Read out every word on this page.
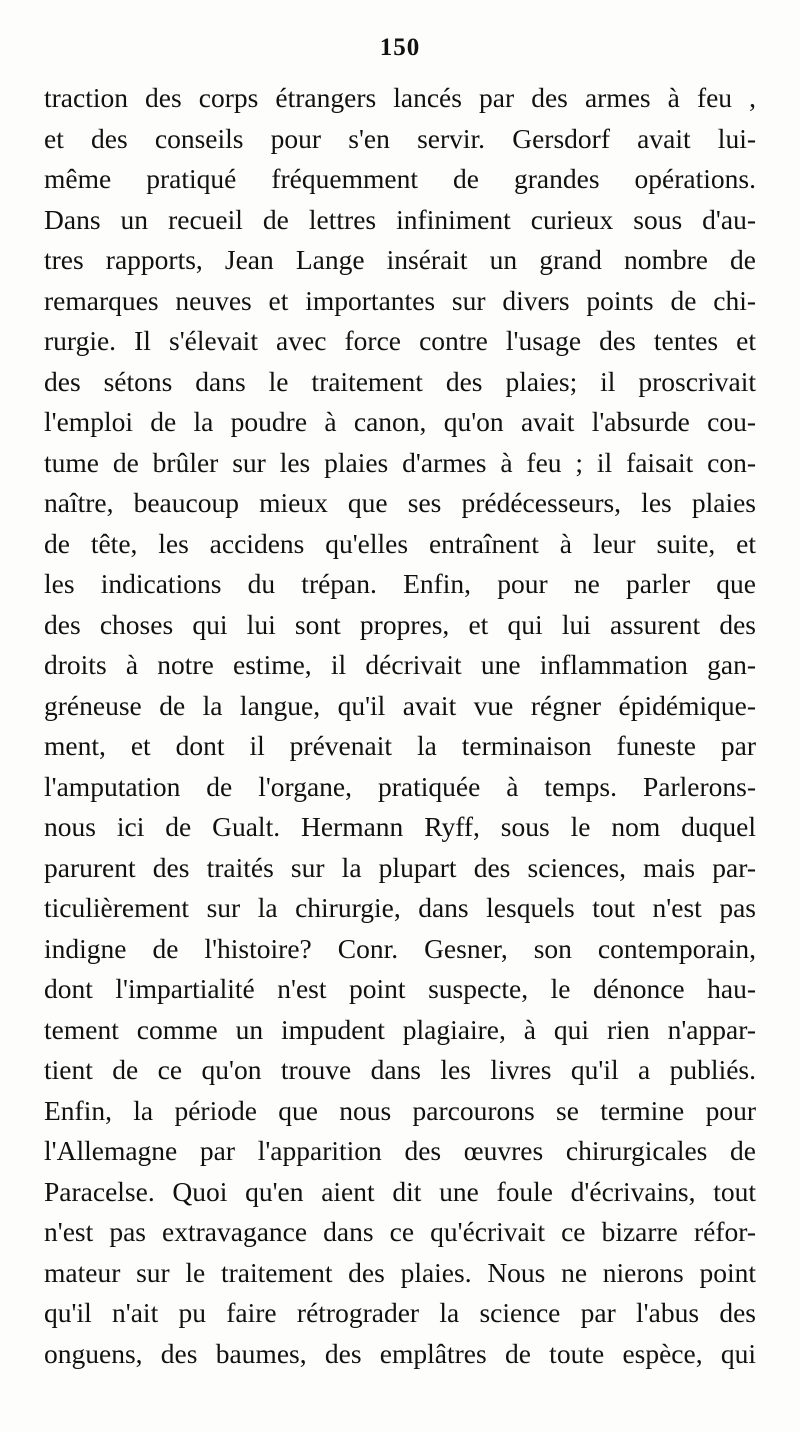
150
traction des corps étrangers lancés par des armes à feu ,
et des conseils pour s'en servir. Gersdorf avait lui-
même pratiqué fréquemment de grandes opérations.
Dans un recueil de lettres infiniment curieux sous d'au-
tres rapports, Jean Lange insérait un grand nombre de
remarques neuves et importantes sur divers points de chi-
rurgie. Il s'élevait avec force contre l'usage des tentes et
des sétons dans le traitement des plaies; il proscrivait
l'emploi de la poudre à canon, qu'on avait l'absurde cou-
tume de brûler sur les plaies d'armes à feu ; il faisait con-
naître, beaucoup mieux que ses prédécesseurs, les plaies
de tête, les accidens qu'elles entraînent à leur suite, et
les indications du trépan. Enfin, pour ne parler que
des choses qui lui sont propres, et qui lui assurent des
droits à notre estime, il décrivait une inflammation gan-
gréneuse de la langue, qu'il avait vue régner épidémique-
ment, et dont il prévenait la terminaison funeste par
l'amputation de l'organe, pratiquée à temps. Parlerons-
nous ici de Gualt. Hermann Ryff, sous le nom duquel
parurent des traités sur la plupart des sciences, mais par-
ticulièrement sur la chirurgie, dans lesquels tout n'est pas
indigne de l'histoire? Conr. Gesner, son contemporain,
dont l'impartialité n'est point suspecte, le dénonce hau-
tement comme un impudent plagiaire, à qui rien n'appar-
tient de ce qu'on trouve dans les livres qu'il a publiés.
Enfin, la période que nous parcourons se termine pour
l'Allemagne par l'apparition des œuvres chirurgicales de
Paracelse. Quoi qu'en aient dit une foule d'écrivains, tout
n'est pas extravagance dans ce qu'écrivait ce bizarre réfor-
mateur sur le traitement des plaies. Nous ne nierons point
qu'il n'ait pu faire rétrograder la science par l'abus des
onguens, des baumes, des emplâtres de toute espèce, qui
